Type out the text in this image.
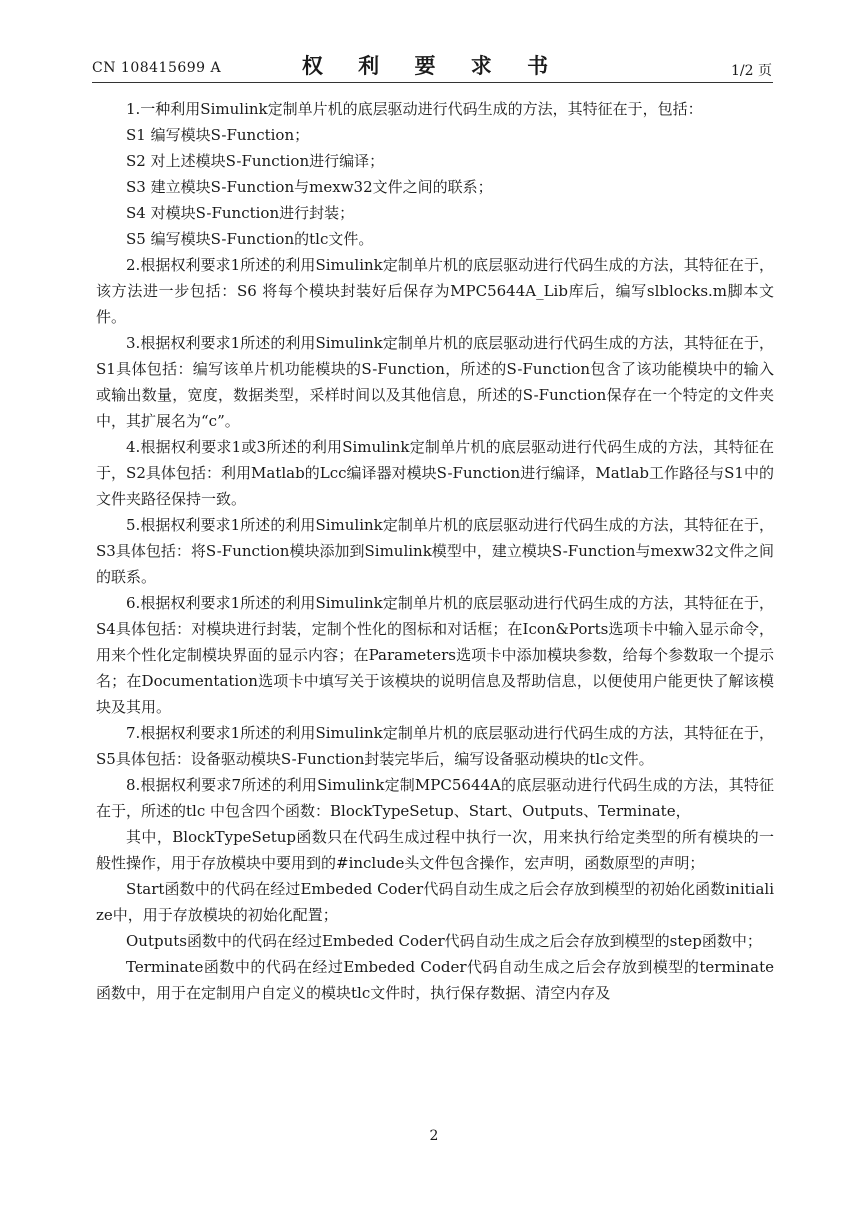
CN 108415699 A	权 利 要 求 书	1/2 页

1.一种利用Simulink定制单片机的底层驱动进行代码生成的方法，其特征在于，包括：

S1 编写模块S-Function；

S2 对上述模块S-Function进行编译；

S3 建立模块S-Function与mexw32文件之间的联系；

S4 对模块S-Function进行封装；

S5 编写模块S-Function的tlc文件。

2.根据权利要求1所述的利用Simulink定制单片机的底层驱动进行代码生成的方法，其特征在于，该方法进一步包括：S6 将每个模块封装好后保存为MPC5644A_Lib库后，编写slblocks.m脚本文件。

3.根据权利要求1所述的利用Simulink定制单片机的底层驱动进行代码生成的方法，其特征在于，S1具体包括：编写该单片机功能模块的S-Function，所述的S-Function包含了该功能模块中的输入或输出数量，宽度，数据类型，采样时间以及其他信息，所述的S-Function保存在一个特定的文件夹中，其扩展名为“c”。

4.根据权利要求1或3所述的利用Simulink定制单片机的底层驱动进行代码生成的方法，其特征在于，S2具体包括：利用Matlab的Lcc编译器对模块S-Function进行编译，Matlab工作路径与S1中的文件夹路径保持一致。

5.根据权利要求1所述的利用Simulink定制单片机的底层驱动进行代码生成的方法，其特征在于，S3具体包括：将S-Function模块添加到Simulink模型中，建立模块S-Function与mexw32文件之间的联系。

6.根据权利要求1所述的利用Simulink定制单片机的底层驱动进行代码生成的方法，其特征在于，S4具体包括：对模块进行封装，定制个性化的图标和对话框；在Icon&Ports选项卡中输入显示命令，用来个性化定制模块界面的显示内容；在Parameters选项卡中添加模块参数，给每个参数取一个提示名；在Documentation选项卡中填写关于该模块的说明信息及帮助信息，以便使用户能更快了解该模块及其用。

7.根据权利要求1所述的利用Simulink定制单片机的底层驱动进行代码生成的方法，其特征在于，S5具体包括：设备驱动模块S-Function封装完毕后，编写设备驱动模块的tlc文件。

8.根据权利要求7所述的利用Simulink定制MPC5644A的底层驱动进行代码生成的方法，其特征在于，所述的tlc 中包含四个函数：BlockTypeSetup、Start、Outputs、Terminate，

其中，BlockTypeSetup函数只在代码生成过程中执行一次，用来执行给定类型的所有模块的一般性操作，用于存放模块中要用到的#include头文件包含操作，宏声明，函数原型的声明；

Start函数中的代码在经过Embeded Coder代码自动生成之后会存放到模型的初始化函数initialize中，用于存放模块的初始化配置；

Outputs函数中的代码在经过Embeded Coder代码自动生成之后会存放到模型的step函数中；

Terminate函数中的代码在经过Embeded Coder代码自动生成之后会存放到模型的terminate 函数中，用于在定制用户自定义的模块tlc文件时，执行保存数据、清空内存及

2
